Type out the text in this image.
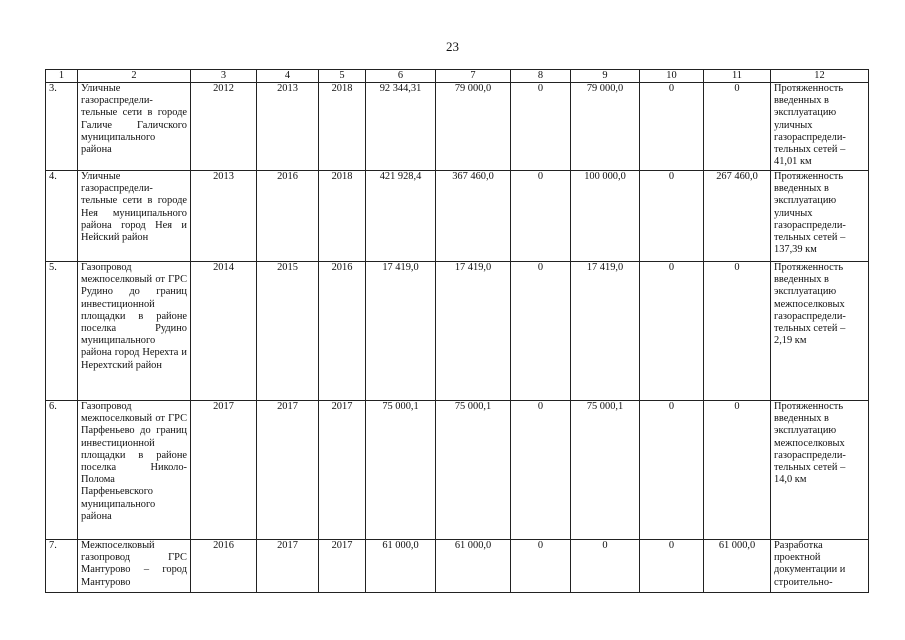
23
1	2	3	4	5	6	7	8	9	10	11	12
3.	Уличные газораспредели-тельные сети в городе Галиче Галичского муниципального района	2012	2013	2018	92 344,31	79 000,0	0	79 000,0	0	0	Протяженность введенных в эксплуатацию уличных газораспредели-тельных сетей – 41,01 км
4.	Уличные газораспредели-тельные сети в городе Нея муниципального района город Нея и Нейский район	2013	2016	2018	421 928,4	367 460,0	0	100 000,0	0	267 460,0	Протяженность введенных в эксплуатацию уличных газораспредели-тельных сетей – 137,39 км
5.	Газопровод межпоселковый от ГРС Рудино до границ инвестиционной площадки в районе поселка Рудино муниципального района город Нерехта и Нерехтский район	2014	2015	2016	17 419,0	17 419,0	0	17 419,0	0	0	Протяженность введенных в эксплуатацию межпоселковых газораспредели-тельных сетей – 2,19 км
6.	Газопровод межпоселковый от ГРС Парфеньево до границ инвестиционной площадки в районе поселка Николо-Полома Парфеньевского муниципального района	2017	2017	2017	75 000,1	75 000,1	0	75 000,1	0	0	Протяженность введенных в эксплуатацию межпоселковых газораспредели-тельных сетей – 14,0 км
7.	Межпоселковый газопровод ГРС Мантурово – город Мантурово	2016	2017	2017	61 000,0	61 000,0	0	0	0	61 000,0	Разработка проектной документации и строительно-
